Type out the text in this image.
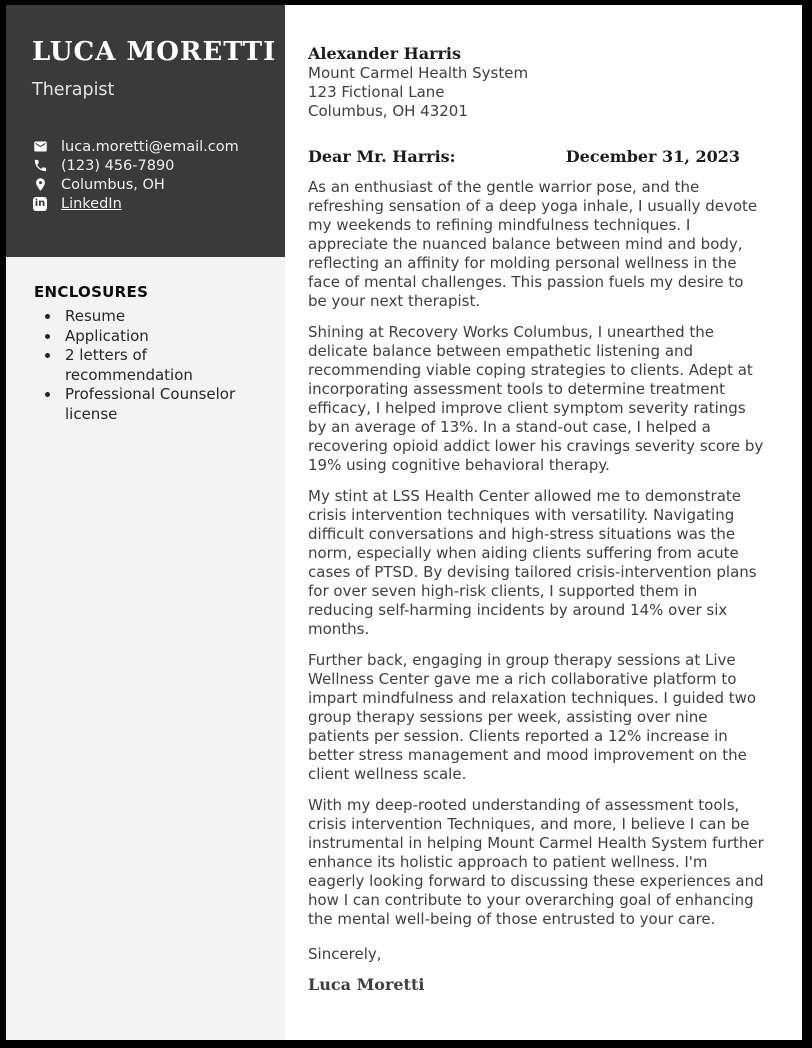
LUCA MORETTI
Therapist
luca.moretti@email.com
(123) 456-7890
Columbus, OH
in LinkedIn
ENCLOSURES
• Resume
• Application
• 2 letters of recommendation
• Professional Counselor license
Alexander Harris
Mount Carmel Health System
123 Fictional Lane
Columbus, OH 43201
Dear Mr. Harris:	December 31, 2023

As an enthusiast of the gentle warrior pose, and the refreshing sensation of a deep yoga inhale, I usually devote my weekends to refining mindfulness techniques. I appreciate the nuanced balance between mind and body, reflecting an affinity for molding personal wellness in the face of mental challenges. This passion fuels my desire to be your next therapist.

Shining at Recovery Works Columbus, I unearthed the delicate balance between empathetic listening and recommending viable coping strategies to clients. Adept at incorporating assessment tools to determine treatment efficacy, I helped improve client symptom severity ratings by an average of 13%. In a stand-out case, I helped a recovering opioid addict lower his cravings severity score by 19% using cognitive behavioral therapy.

My stint at LSS Health Center allowed me to demonstrate crisis intervention techniques with versatility. Navigating difficult conversations and high-stress situations was the norm, especially when aiding clients suffering from acute cases of PTSD. By devising tailored crisis-intervention plans for over seven high-risk clients, I supported them in reducing self-harming incidents by around 14% over six months.

Further back, engaging in group therapy sessions at Live Wellness Center gave me a rich collaborative platform to impart mindfulness and relaxation techniques. I guided two group therapy sessions per week, assisting over nine patients per session. Clients reported a 12% increase in better stress management and mood improvement on the client wellness scale.

With my deep-rooted understanding of assessment tools, crisis intervention Techniques, and more, I believe I can be instrumental in helping Mount Carmel Health System further enhance its holistic approach to patient wellness. I'm eagerly looking forward to discussing these experiences and how I can contribute to your overarching goal of enhancing the mental well-being of those entrusted to your care.

Sincerely,

Luca Moretti
